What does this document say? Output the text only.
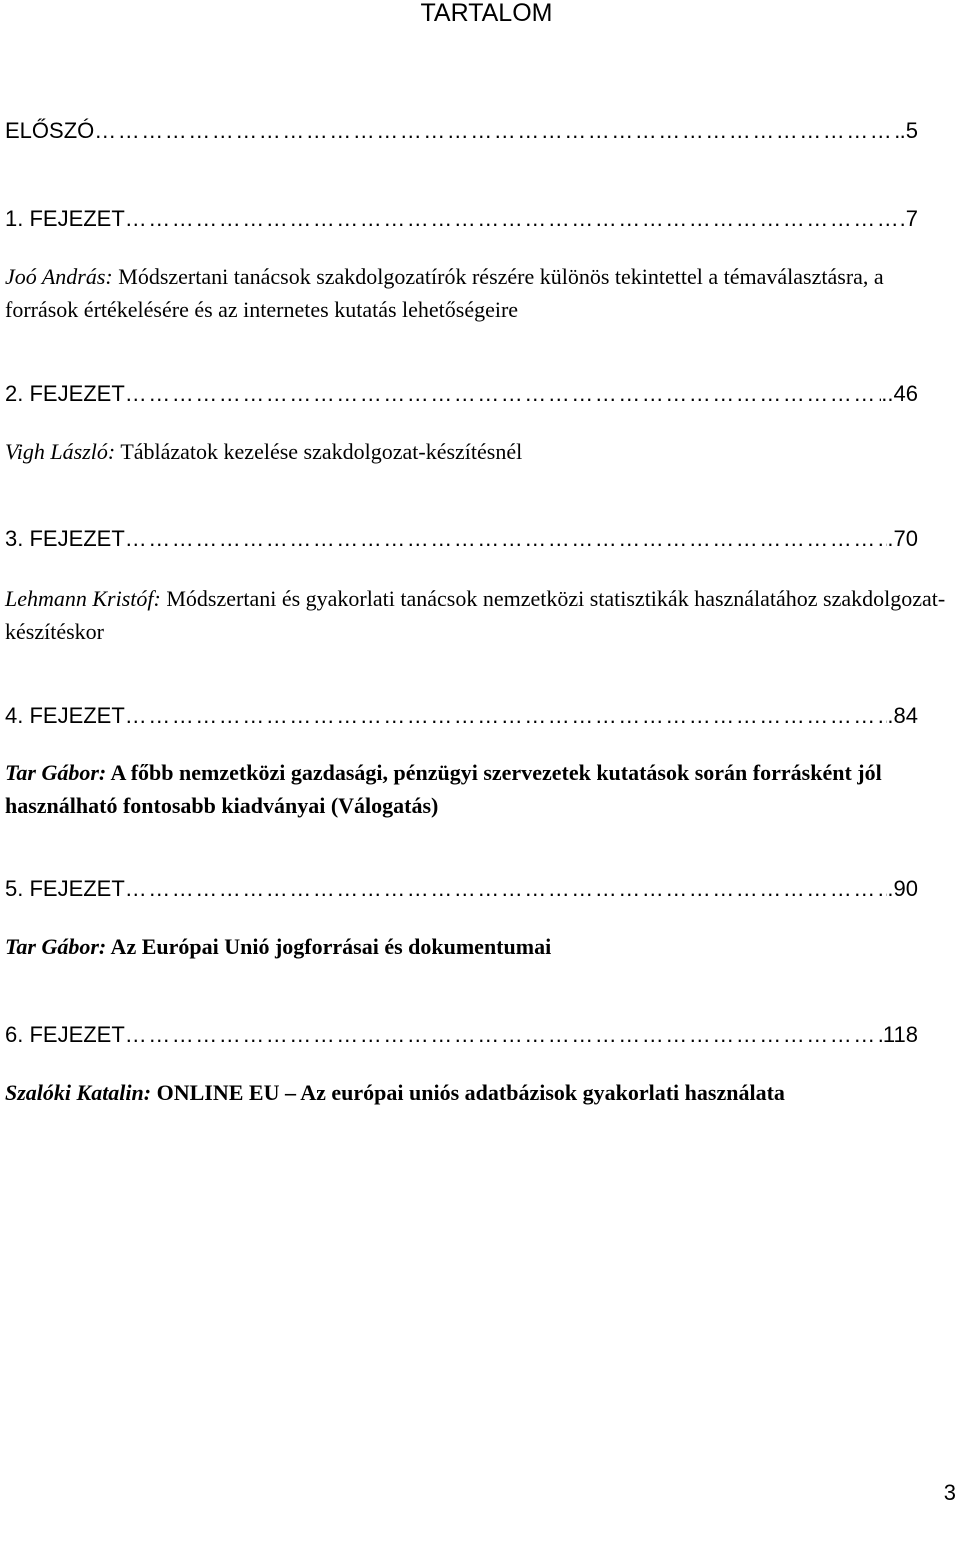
TARTALOM
ELŐSZÓ ………………………………………………………………………………………………………………………………………………………………	.5
1. FEJEZET ………………………………………………………………………………………………………………………………………………………………	.7
Joó András: Módszertani tanácsok szakdolgozatírók részére különös tekintettel a témaválasztásra, a források értékelésére és az internetes kutatás lehetőségeire
2. FEJEZET ………………………………………………………………………………………………………………………………………………………………	..46
Vigh László: Táblázatok kezelése szakdolgozat-készítésnél
3. FEJEZET ………………………………………………………………………………………………………………………………………………………………	.70
Lehmann Kristóf: Módszertani és gyakorlati tanácsok nemzetközi statisztikák használatához szakdolgozat-készítéskor
4. FEJEZET ………………………………………………………………………………………………………………………………………………………………	.84
Tar Gábor: A főbb nemzetközi gazdasági, pénzügyi szervezetek kutatások során forrásként jól használható fontosabb kiadványai (Válogatás)
5. FEJEZET ………………………………………………………………………………………………………………………………………………………………	.90
Tar Gábor: Az Európai Unió jogforrásai és dokumentumai
6. FEJEZET ………………………………………………………………………………………………………………………………………………………………	118
Szalóki Katalin: ONLINE EU – Az európai uniós adatbázisok gyakorlati használata
3
